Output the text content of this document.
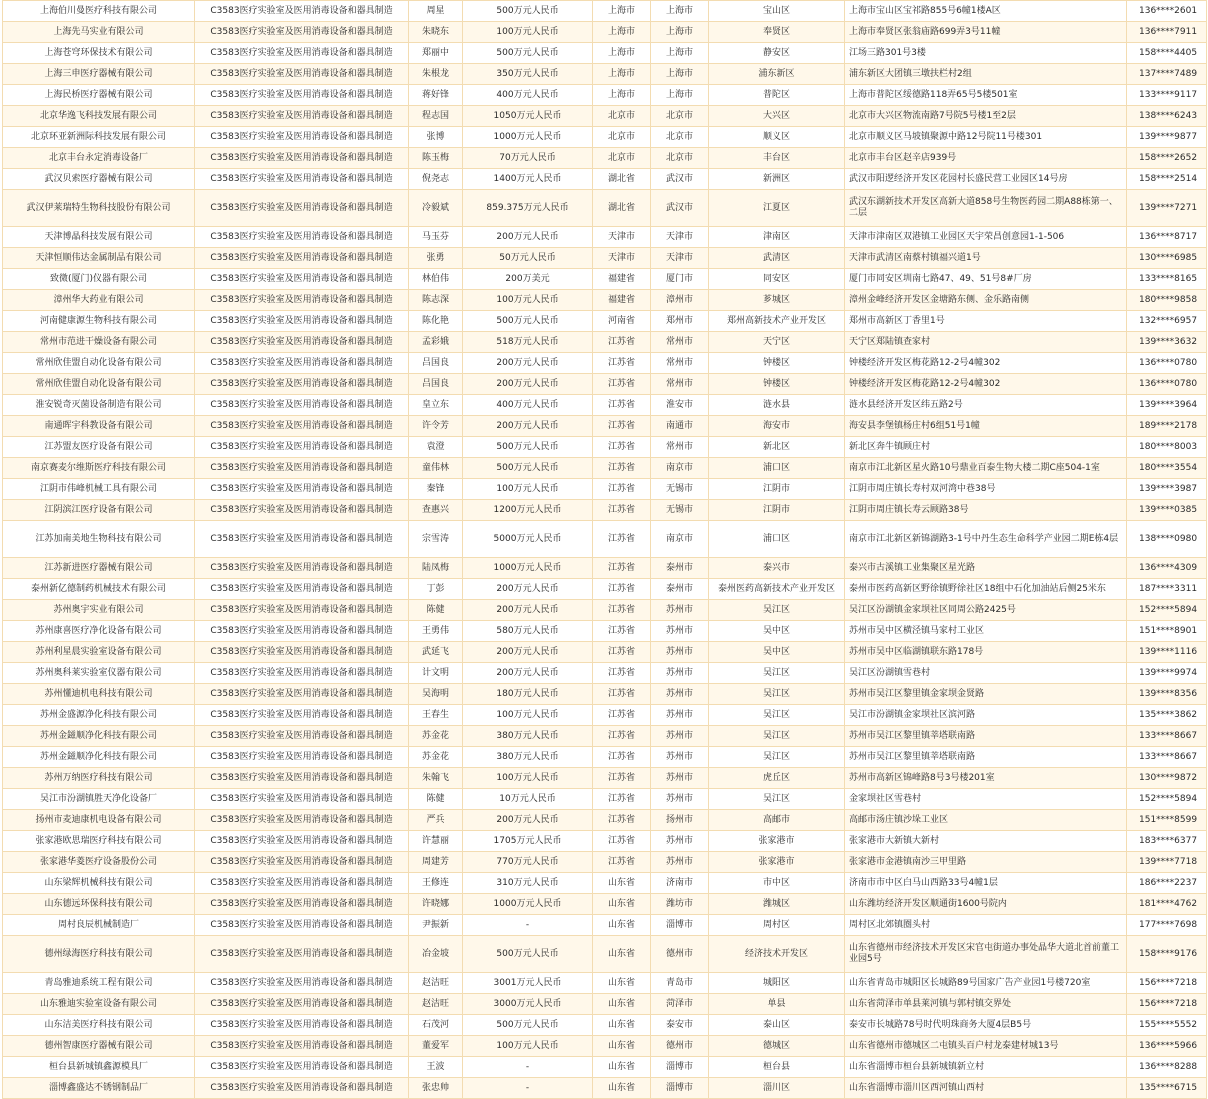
上海伯川曼医疗科技有限公司	C3583医疗实验室及医用消毒设备和器具制造	周星	500万元人民币	上海市	上海市	宝山区	上海市宝山区宝祁路855号6幢1楼A区	136****2601
上海先马实业有限公司	C3583医疗实验室及医用消毒设备和器具制造	朱晓东	100万元人民币	上海市	上海市	奉贤区	上海市奉贤区张翁庙路699弄3号11幢	136****7911
上海苍穹环保技术有限公司	C3583医疗实验室及医用消毒设备和器具制造	郑丽中	500万元人民币	上海市	上海市	静安区	江场三路301号3楼	158****4405
上海三申医疗器械有限公司	C3583医疗实验室及医用消毒设备和器具制造	朱根龙	350万元人民币	上海市	上海市	浦东新区	浦东新区大团镇三墩扶栏村2组	137****7489
上海民桥医疗器械有限公司	C3583医疗实验室及医用消毒设备和器具制造	蒋好锋	400万元人民币	上海市	上海市	普陀区	上海市普陀区绥德路118弄65号5楼501室	133****9117
北京华逸飞科技发展有限公司	C3583医疗实验室及医用消毒设备和器具制造	程志国	1050万元人民币	北京市	北京市	大兴区	北京市大兴区物流南路7号院5号楼1至2层	138****6243
北京环亚新洲际科技发展有限公司	C3583医疗实验室及医用消毒设备和器具制造	张博	1000万元人民币	北京市	北京市	顺义区	北京市顺义区马坡镇聚源中路12号院11号楼301	139****9877
北京丰台永定消毒设备厂	C3583医疗实验室及医用消毒设备和器具制造	陈玉梅	70万元人民币	北京市	北京市	丰台区	北京市丰台区赵辛店939号	158****2652
武汉贝索医疗器械有限公司	C3583医疗实验室及医用消毒设备和器具制造	倪尧志	1400万元人民币	湖北省	武汉市	新洲区	武汉市阳逻经济开发区花园村长盛民营工业园区14号房	158****2514
武汉伊莱瑞特生物科技股份有限公司	C3583医疗实验室及医用消毒设备和器具制造	冷毅斌	859.375万元人民币	湖北省	武汉市	江夏区	武汉东湖新技术开发区高新大道858号生物医药园二期A88栋第一、二层	139****7271
天津博晶科技发展有限公司	C3583医疗实验室及医用消毒设备和器具制造	马玉芬	200万元人民币	天津市	天津市	津南区	天津市津南区双港镇工业园区天宇荣昌创意园1-1-506	136****8717
天津恒顺伟达金属制品有限公司	C3583医疗实验室及医用消毒设备和器具制造	张勇	50万元人民币	天津市	天津市	武清区	天津市武清区南蔡村镇福兴道1号	130****6985
致微(厦门)仪器有限公司	C3583医疗实验室及医用消毒设备和器具制造	林伯伟	200万美元	福建省	厦门市	同安区	厦门市同安区圳南七路47、49、51号8#厂房	133****8165
漳州华大药业有限公司	C3583医疗实验室及医用消毒设备和器具制造	陈志深	100万元人民币	福建省	漳州市	芗城区	漳州金峰经济开发区金塘路东侧、金乐路南侧	180****9858
河南健康源生物科技有限公司	C3583医疗实验室及医用消毒设备和器具制造	陈化艳	500万元人民币	河南省	郑州市	郑州高新技术产业开发区	郑州市高新区丁香里1号	132****6957
常州市范进干燥设备有限公司	C3583医疗实验室及医用消毒设备和器具制造	孟彩娥	518万元人民币	江苏省	常州市	天宁区	天宁区郑陆镇查家村	139****3632
常州欣佳盟自动化设备有限公司	C3583医疗实验室及医用消毒设备和器具制造	吕国良	200万元人民币	江苏省	常州市	钟楼区	钟楼经济开发区梅花路12-2号4幢302	136****0780
常州欣佳盟自动化设备有限公司	C3583医疗实验室及医用消毒设备和器具制造	吕国良	200万元人民币	江苏省	常州市	钟楼区	钟楼经济开发区梅花路12-2号4幢302	136****0780
淮安锐奇灭菌设备制造有限公司	C3583医疗实验室及医用消毒设备和器具制造	皇立东	400万元人民币	江苏省	淮安市	涟水县	涟水县经济开发区纬五路2号	139****3964
南通晖宇科教设备有限公司	C3583医疗实验室及医用消毒设备和器具制造	许令芳	200万元人民币	江苏省	南通市	海安市	海安县李堡镇杨庄村6组51号1幢	189****2178
江苏盟友医疗设备有限公司	C3583医疗实验室及医用消毒设备和器具制造	袁澄	500万元人民币	江苏省	常州市	新北区	新北区奔牛镇顾庄村	180****8003
南京赛麦尔维斯医疗科技有限公司	C3583医疗实验室及医用消毒设备和器具制造	童伟林	500万元人民币	江苏省	南京市	浦口区	南京市江北新区星火路10号鼎业百泰生物大楼二期C座504-1室	180****3554
江阴市伟峰机械工具有限公司	C3583医疗实验室及医用消毒设备和器具制造	秦锋	100万元人民币	江苏省	无锡市	江阴市	江阴市周庄镇长寿村双河湾中巷38号	139****3987
江阴滨江医疗设备有限公司	C3583医疗实验室及医用消毒设备和器具制造	查惠兴	1200万元人民币	江苏省	无锡市	江阴市	江阴市周庄镇长寿云顾路38号	139****0385
江苏加南美地生物科技有限公司	C3583医疗实验室及医用消毒设备和器具制造	宗雪涛	5000万元人民币	江苏省	南京市	浦口区	南京市江北新区新锦湖路3-1号中丹生态生命科学产业园二期E栋4层	138****0980
江苏新进医疗器械有限公司	C3583医疗实验室及医用消毒设备和器具制造	陆凤梅	1000万元人民币	江苏省	泰州市	泰兴市	泰兴市古溪镇工业集聚区星光路	136****4309
泰州新亿德制药机械技术有限公司	C3583医疗实验室及医用消毒设备和器具制造	丁彭	200万元人民币	江苏省	泰州市	泰州医药高新技术产业开发区	泰州市医药高新区野徐镇野徐社区18组中石化加油站后侧25米东	187****3311
苏州奥宇实业有限公司	C3583医疗实验室及医用消毒设备和器具制造	陈健	200万元人民币	江苏省	苏州市	吴江区	吴江区汾湖镇金家坝社区同周公路2425号	152****5894
苏州康喜医疗净化设备有限公司	C3583医疗实验室及医用消毒设备和器具制造	王勇伟	580万元人民币	江苏省	苏州市	吴中区	苏州市吴中区横泾镇马家村工业区	151****8901
苏州利星晨实验室设备有限公司	C3583医疗实验室及医用消毒设备和器具制造	武延飞	200万元人民币	江苏省	苏州市	吴中区	苏州市吴中区临湖镇联东路178号	139****1116
苏州奥科莱实验室仪器有限公司	C3583医疗实验室及医用消毒设备和器具制造	计文明	200万元人民币	江苏省	苏州市	吴江区	吴江区汾湖镇雪巷村	139****9974
苏州懂迪机电科技有限公司	C3583医疗实验室及医用消毒设备和器具制造	吴海明	180万元人民币	江苏省	苏州市	吴江区	苏州市吴江区黎里镇金家坝金贤路	139****8356
苏州金盛源净化科技有限公司	C3583医疗实验室及医用消毒设备和器具制造	王春生	100万元人民币	江苏省	苏州市	吴江区	吴江市汾湖镇金家坝社区滨河路	135****3862
苏州金鎡顺净化科技有限公司	C3583医疗实验室及医用消毒设备和器具制造	苏金花	380万元人民币	江苏省	苏州市	吴江区	苏州市吴江区黎里镇莘塔联南路	133****8667
苏州金鎡顺净化科技有限公司	C3583医疗实验室及医用消毒设备和器具制造	苏金花	380万元人民币	江苏省	苏州市	吴江区	苏州市吴江区黎里镇莘塔联南路	133****8667
苏州万纳医疗科技有限公司	C3583医疗实验室及医用消毒设备和器具制造	朱翰飞	100万元人民币	江苏省	苏州市	虎丘区	苏州市高新区锦峰路8号3号楼201室	130****9872
吴江市汾湖镇胜天净化设备厂	C3583医疗实验室及医用消毒设备和器具制造	陈健	10万元人民币	江苏省	苏州市	吴江区	金家坝社区雪巷村	152****5894
扬州市麦迪康机电设备有限公司	C3583医疗实验室及医用消毒设备和器具制造	严兵	200万元人民币	江苏省	扬州市	高邮市	高邮市汤庄镇沙垛工业区	151****8599
张家港欧思瑞医疗科技有限公司	C3583医疗实验室及医用消毒设备和器具制造	许慧丽	1705万元人民币	江苏省	苏州市	张家港市	张家港市大新镇大新村	183****6377
张家港华菱医疗设备股份公司	C3583医疗实验室及医用消毒设备和器具制造	周建芳	770万元人民币	江苏省	苏州市	张家港市	张家港市金港镇南沙三甲里路	139****7718
山东梁辉机械科技有限公司	C3583医疗实验室及医用消毒设备和器具制造	王修连	310万元人民币	山东省	济南市	市中区	济南市市中区白马山西路33号4幢1层	186****2237
山东德远环保科技有限公司	C3583医疗实验室及医用消毒设备和器具制造	许晓娜	1000万元人民币	山东省	潍坊市	潍城区	山东潍坊经济开发区顺通街1600号院内	181****4762
周村良辰机械制造厂	C3583医疗实验室及医用消毒设备和器具制造	尹振新	-	山东省	淄博市	周村区	周村区北郊镇圈头村	177****7698
德州绿海医疗科技有限公司	C3583医疗实验室及医用消毒设备和器具制造	冶金坡	500万元人民币	山东省	德州市	经济技术开发区	山东省德州市经济技术开发区宋官屯街道办事处晶华大道北首前董工业园5号	158****9176
青岛雅迪系统工程有限公司	C3583医疗实验室及医用消毒设备和器具制造	赵洁旺	3001万元人民币	山东省	青岛市	城阳区	山东省青岛市城阳区长城路89号国家广告产业园1号楼720室	156****7218
山东雅迪实验室设备有限公司	C3583医疗实验室及医用消毒设备和器具制造	赵洁旺	3000万元人民币	山东省	菏泽市	单县	山东省菏泽市单县莱河镇与郭村镇交界处	156****7218
山东洁美医疗科技有限公司	C3583医疗实验室及医用消毒设备和器具制造	石茂河	500万元人民币	山东省	泰安市	泰山区	泰安市长城路78号时代明珠商务大厦4层B5号	155****5552
德州智康医疗器械有限公司	C3583医疗实验室及医用消毒设备和器具制造	董爱军	100万元人民币	山东省	德州市	德城区	山东省德州市德城区二屯镇头百户村龙泰建材城13号	136****5966
桓台县新城镇鑫源模具厂	C3583医疗实验室及医用消毒设备和器具制造	王波	-	山东省	淄博市	桓台县	山东省淄博市桓台县新城镇新立村	136****8288
淄博鑫盛达不锈钢制品厂	C3583医疗实验室及医用消毒设备和器具制造	张忠帅	-	山东省	淄博市	淄川区	山东省淄博市淄川区西河镇山西村	135****6715
